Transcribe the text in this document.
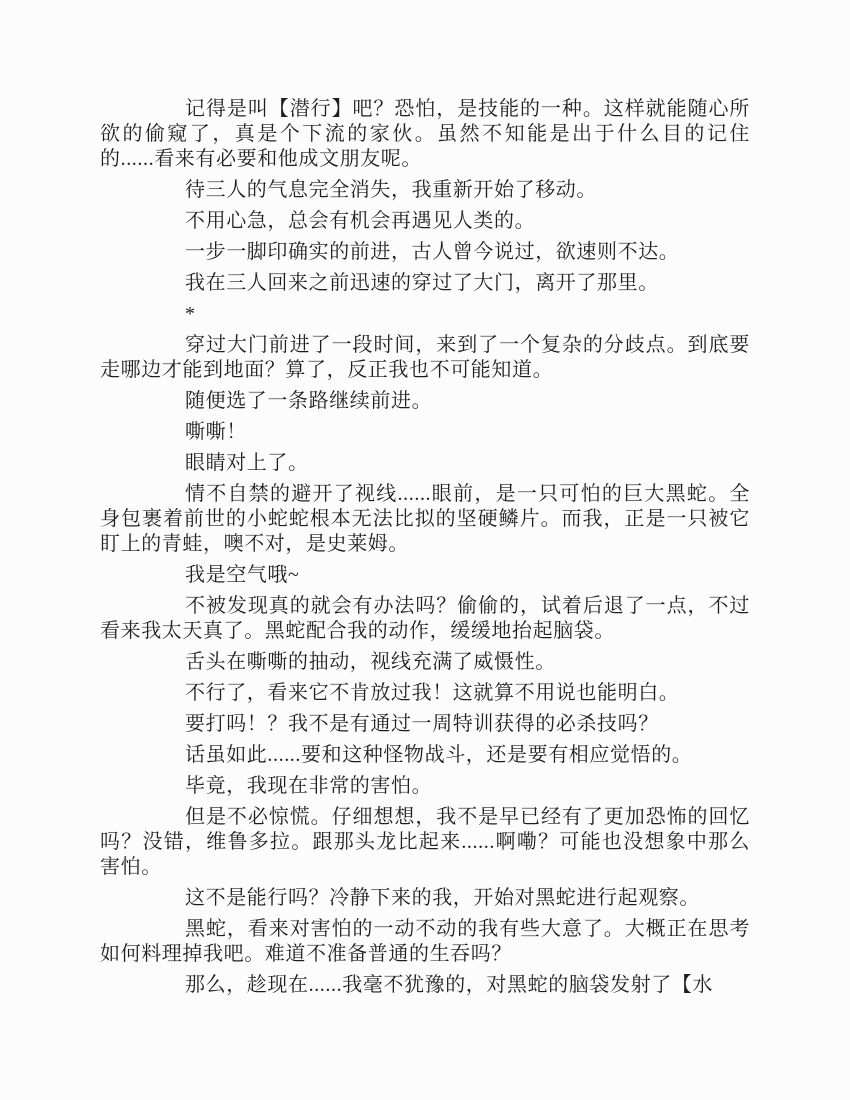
记得是叫【潜行】吧？恐怕，是技能的一种。这样就能随心所欲的偷窥了，真是个下流的家伙。虽然不知能是出于什么目的记住的......看来有必要和他成文朋友呢。

待三人的气息完全消失，我重新开始了移动。

不用心急，总会有机会再遇见人类的。

一步一脚印确实的前进，古人曾今说过，欲速则不达。

我在三人回来之前迅速的穿过了大门，离开了那里。

*

穿过大门前进了一段时间，来到了一个复杂的分歧点。到底要走哪边才能到地面？算了，反正我也不可能知道。

随便选了一条路继续前进。

嘶嘶！

眼睛对上了。

情不自禁的避开了视线......眼前，是一只可怕的巨大黑蛇。全身包裹着前世的小蛇蛇根本无法比拟的坚硬鳞片。而我，正是一只被它盯上的青蛙，噢不对，是史莱姆。

我是空气哦~

不被发现真的就会有办法吗？偷偷的，试着后退了一点，不过看来我太天真了。黑蛇配合我的动作，缓缓地抬起脑袋。

舌头在嘶嘶的抽动，视线充满了威慑性。

不行了，看来它不肯放过我！这就算不用说也能明白。

要打吗！？我不是有通过一周特训获得的必杀技吗？

话虽如此......要和这种怪物战斗，还是要有相应觉悟的。

毕竟，我现在非常的害怕。

但是不必惊慌。仔细想想，我不是早已经有了更加恐怖的回忆吗？没错，维鲁多拉。跟那头龙比起来......啊嘞？可能也没想象中那么害怕。

这不是能行吗？冷静下来的我，开始对黑蛇进行起观察。

黑蛇，看来对害怕的一动不动的我有些大意了。大概正在思考如何料理掉我吧。难道不准备普通的生吞吗？

那么，趁现在......我毫不犹豫的，对黑蛇的脑袋发射了【水
